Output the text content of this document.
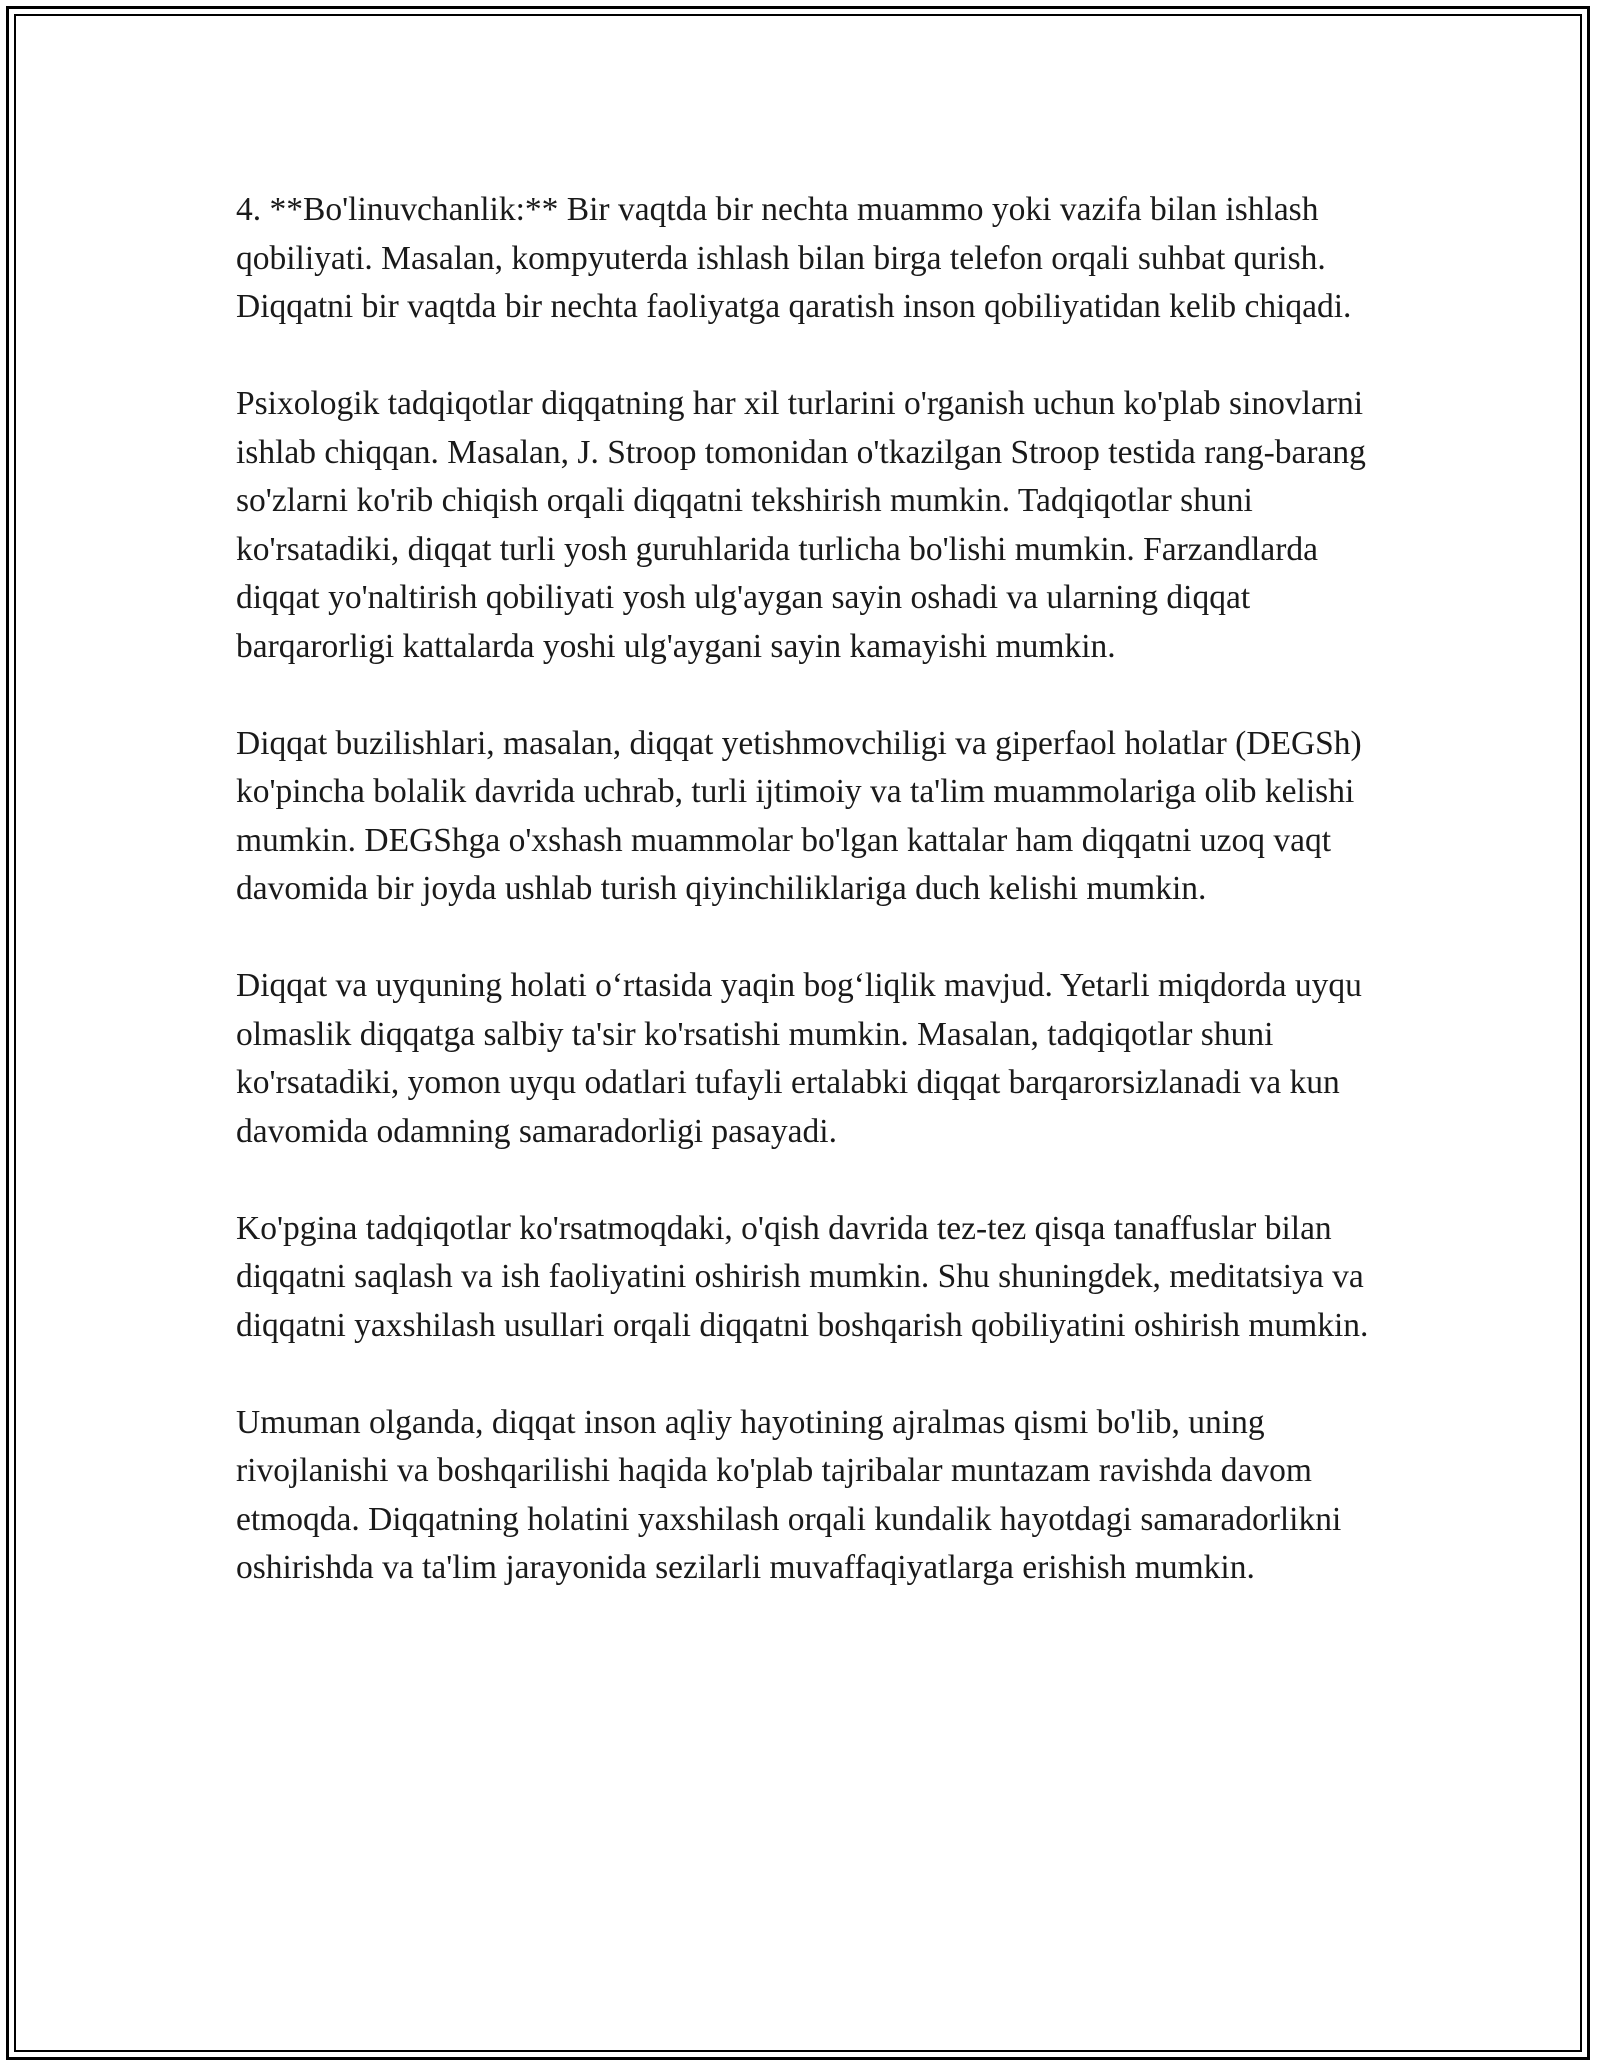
4. **Bo'linuvchanlik:** Bir vaqtda bir nechta muammo yoki vazifa bilan ishlash qobiliyati. Masalan, kompyuterda ishlash bilan birga telefon orqali suhbat qurish. Diqqatni bir vaqtda bir nechta faoliyatga qaratish inson qobiliyatidan kelib chiqadi.

Psixologik tadqiqotlar diqqatning har xil turlarini o'rganish uchun ko'plab sinovlarni ishlab chiqqan. Masalan, J. Stroop tomonidan o'tkazilgan Stroop testida rang-barang so'zlarni ko'rib chiqish orqali diqqatni tekshirish mumkin. Tadqiqotlar shuni ko'rsatadiki, diqqat turli yosh guruhlarida turlicha bo'lishi mumkin. Farzandlarda diqqat yo'naltirish qobiliyati yosh ulg'aygan sayin oshadi va ularning diqqat barqarorligi kattalarda yoshi ulg'aygani sayin kamayishi mumkin.

Diqqat buzilishlari, masalan, diqqat yetishmovchiligi va giperfaol holatlar (DEGSh) ko'pincha bolalik davrida uchrab, turli ijtimoiy va ta'lim muammolariga olib kelishi mumkin. DEGShga o'xshash muammolar bo'lgan kattalar ham diqqatni uzoq vaqt davomida bir joyda ushlab turish qiyinchiliklariga duch kelishi mumkin.

Diqqat va uyquning holati o‘rtasida yaqin bog‘liqlik mavjud. Yetarli miqdorda uyqu olmaslik diqqatga salbiy ta'sir ko'rsatishi mumkin. Masalan, tadqiqotlar shuni ko'rsatadiki, yomon uyqu odatlari tufayli ertalabki diqqat barqarorsizlanadi va kun davomida odamning samaradorligi pasayadi.

Ko'pgina tadqiqotlar ko'rsatmoqdaki, o'qish davrida tez-tez qisqa tanaffuslar bilan diqqatni saqlash va ish faoliyatini oshirish mumkin. Shu shuningdek, meditatsiya va diqqatni yaxshilash usullari orqali diqqatni boshqarish qobiliyatini oshirish mumkin.

Umuman olganda, diqqat inson aqliy hayotining ajralmas qismi bo'lib, uning rivojlanishi va boshqarilishi haqida ko'plab tajribalar muntazam ravishda davom etmoqda. Diqqatning holatini yaxshilash orqali kundalik hayotdagi samaradorlikni oshirishda va ta'lim jarayonida sezilarli muvaffaqiyatlarga erishish mumkin.
